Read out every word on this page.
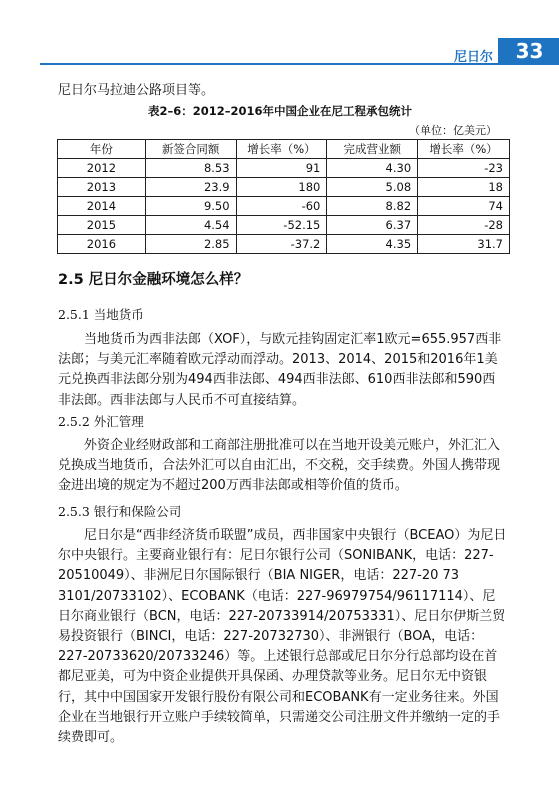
尼日尔	33
尼日尔马拉迪公路项目等。
表2–6：2012–2016年中国企业在尼工程承包统计
（单位：亿美元）
年份	新签合同额	增长率（%）	完成营业额	增长率（%）
2012	8.53	91	4.30	-23
2013	23.9	180	5.08	18
2014	9.50	-60	8.82	74
2015	4.54	-52.15	6.37	-28
2016	2.85	-37.2	4.35	31.7
2.5 尼日尔金融环境怎么样？
2.5.1 当地货币

当地货币为西非法郎（XOF），与欧元挂钩固定汇率1欧元=655.957西非法郎；与美元汇率随着欧元浮动而浮动。2013、2014、2015和2016年1美元兑换西非法郎分别为494西非法郎、494西非法郎、610西非法郎和590西非法郎。西非法郎与人民币不可直接结算。

2.5.2 外汇管理

外资企业经财政部和工商部注册批准可以在当地开设美元账户，外汇汇入兑换成当地货币，合法外汇可以自由汇出，不交税，交手续费。外国人携带现金进出境的规定为不超过200万西非法郎或相等价值的货币。

2.5.3 银行和保险公司

尼日尔是“西非经济货币联盟”成员，西非国家中央银行（BCEAO）为尼日尔中央银行。主要商业银行有：尼日尔银行公司（SONIBANK，电话：227-20510049）、非洲尼日尔国际银行（BIA NIGER，电话：227-20 73 3101/20733102）、ECOBANK（电话：227-96979754/96117114）、尼日尔商业银行（BCN，电话：227-20733914/20753331）、尼日尔伊斯兰贸易投资银行（BINCI，电话：227-20732730）、非洲银行（BOA，电话：227-20733620/20733246）等。上述银行总部或尼日尔分行总部均设在首都尼亚美，可为中资企业提供开具保函、办理贷款等业务。尼日尔无中资银行，其中中国国家开发银行股份有限公司和ECOBANK有一定业务往来。外国企业在当地银行开立账户手续较简单，只需递交公司注册文件并缴纳一定的手续费即可。
